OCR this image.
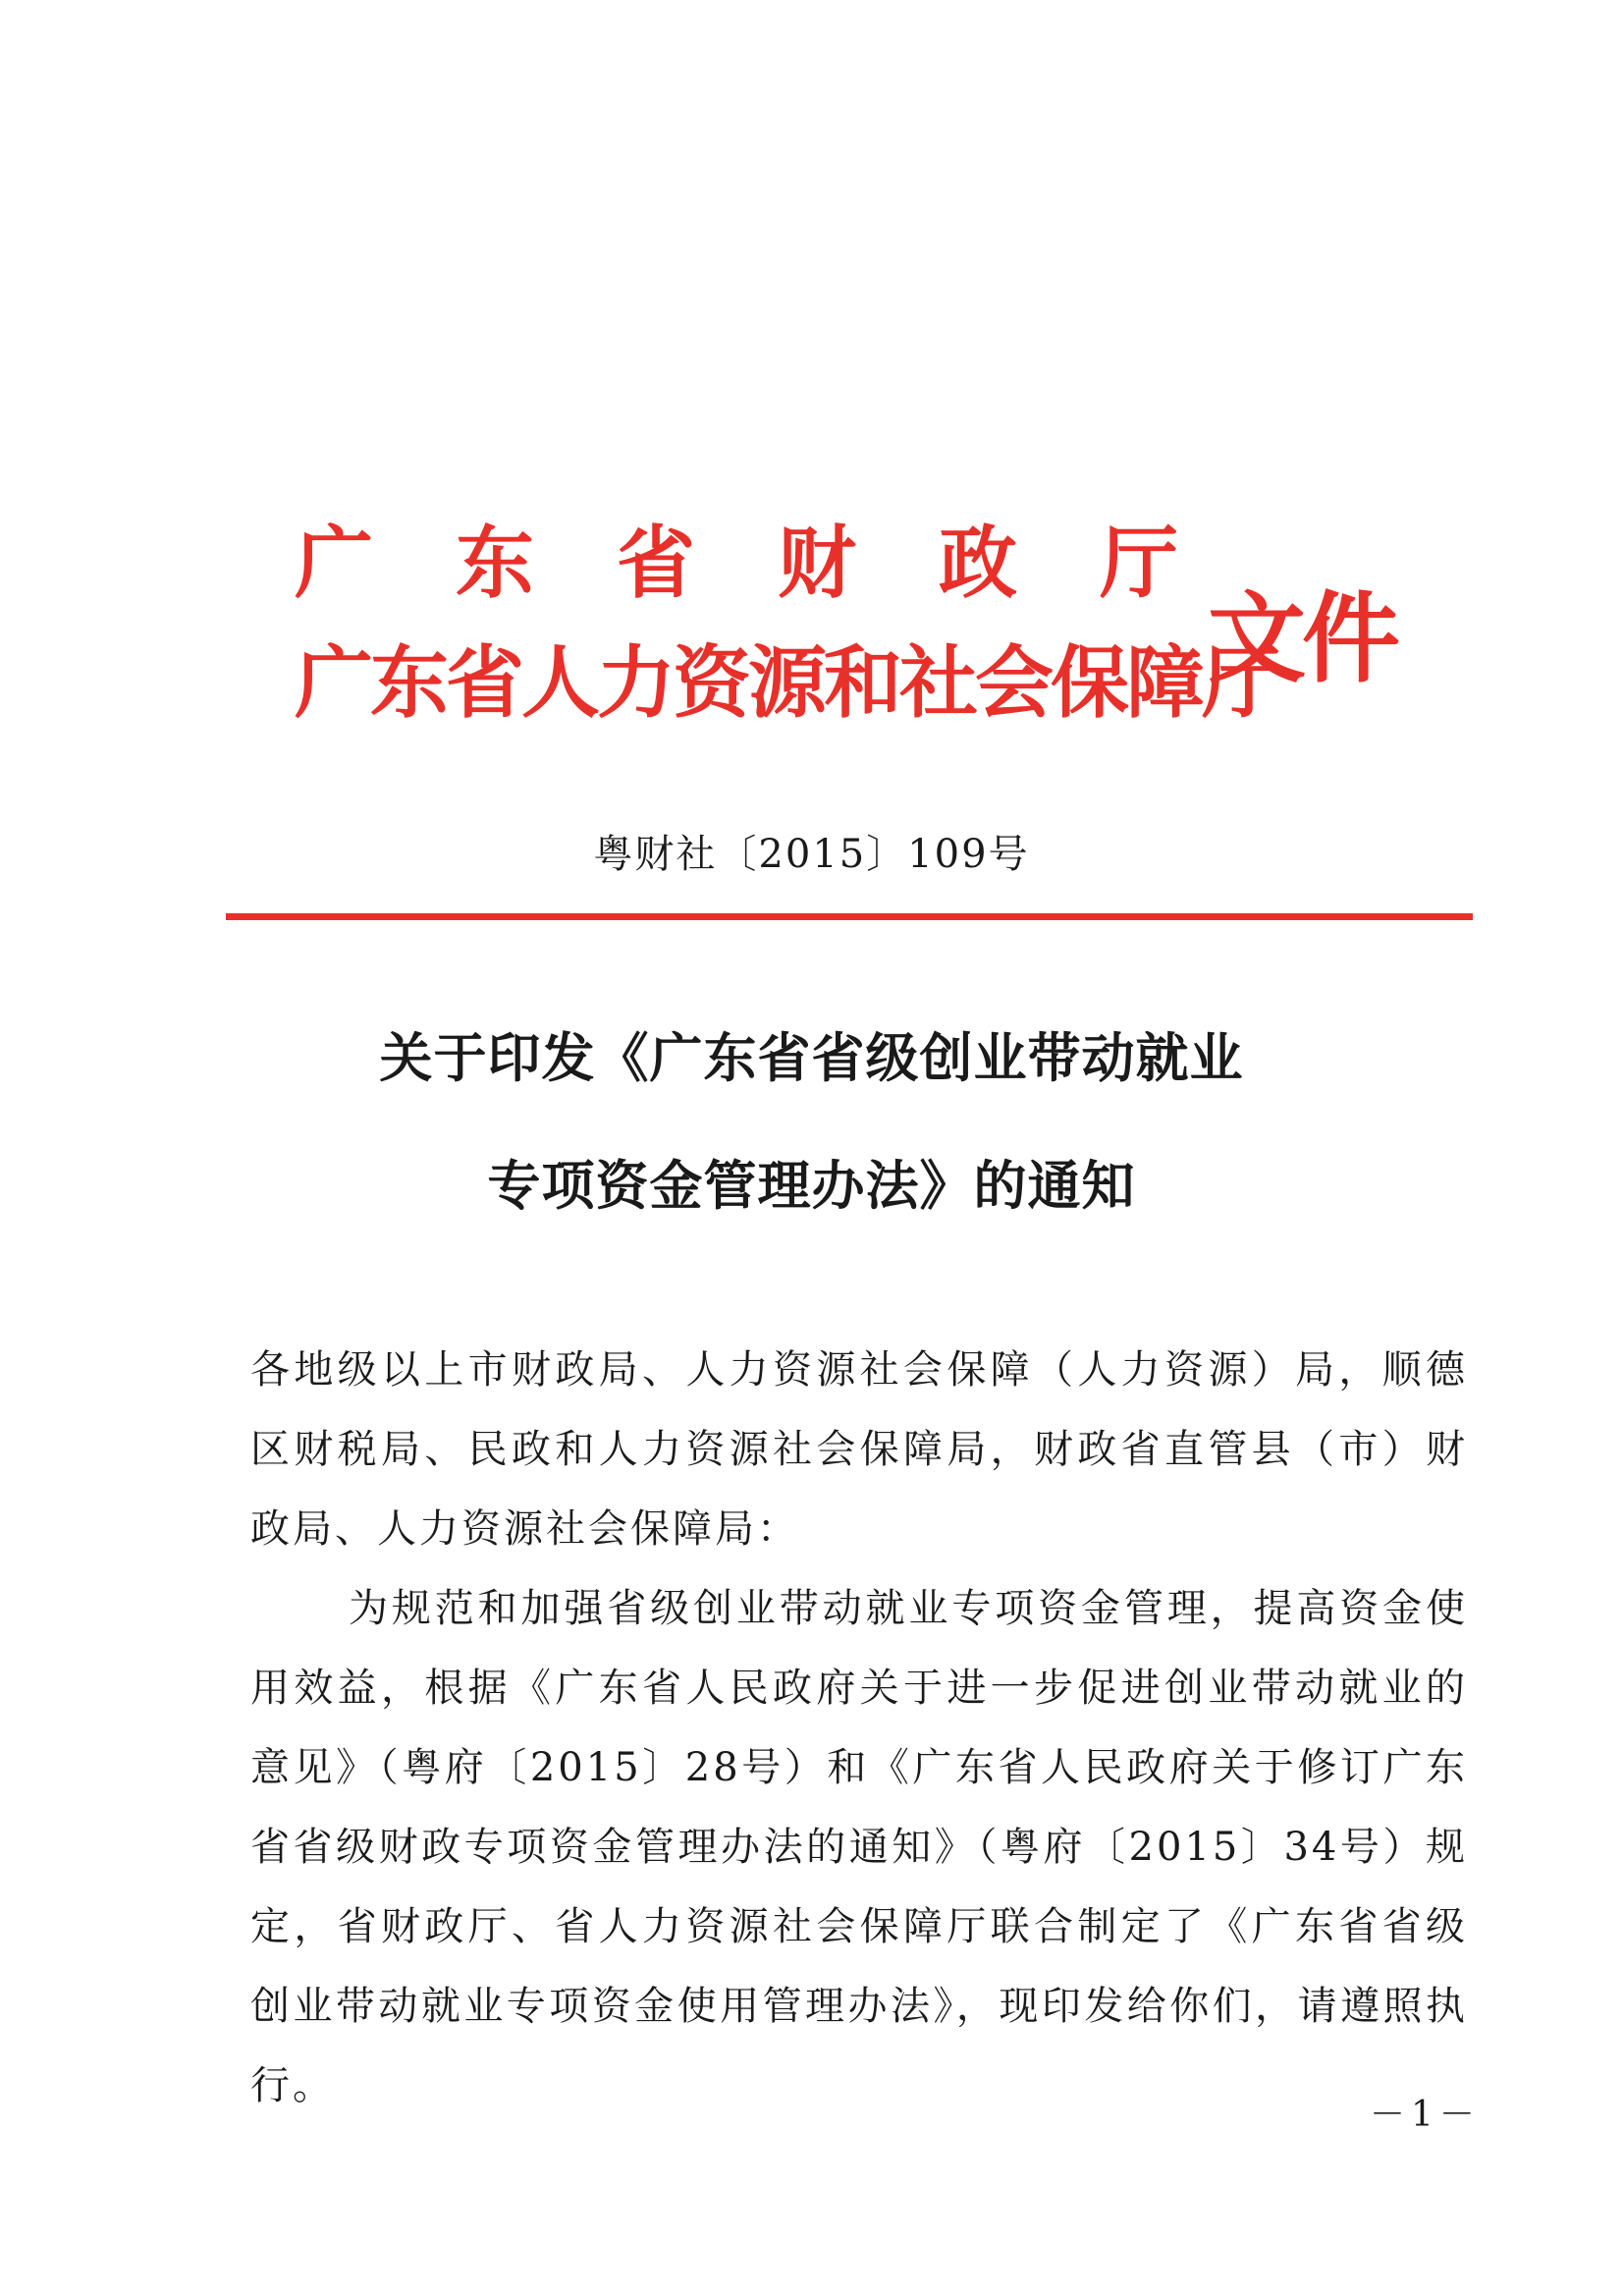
广 东 省 财 政 厅
广东省人力资源和社会保障厅
文件
粤财社〔2015〕109号
关于印发《广东省省级创业带动就业
专项资金管理办法》的通知

各地级以上市财政局、人力资源社会保障（人力资源）局，顺德区财税局、民政和人力资源社会保障局，财政省直管县（市）财政局、人力资源社会保障局：

为规范和加强省级创业带动就业专项资金管理，提高资金使用效益，根据《广东省人民政府关于进一步促进创业带动就业的意见》（粤府〔2015〕28号）和《广东省人民政府关于修订广东省省级财政专项资金管理办法的通知》（粤府〔2015〕34号）规定，省财政厅、省人力资源社会保障厅联合制定了《广东省省级创业带动就业专项资金使用管理办法》，现印发给你们，请遵照执行。

－1－
